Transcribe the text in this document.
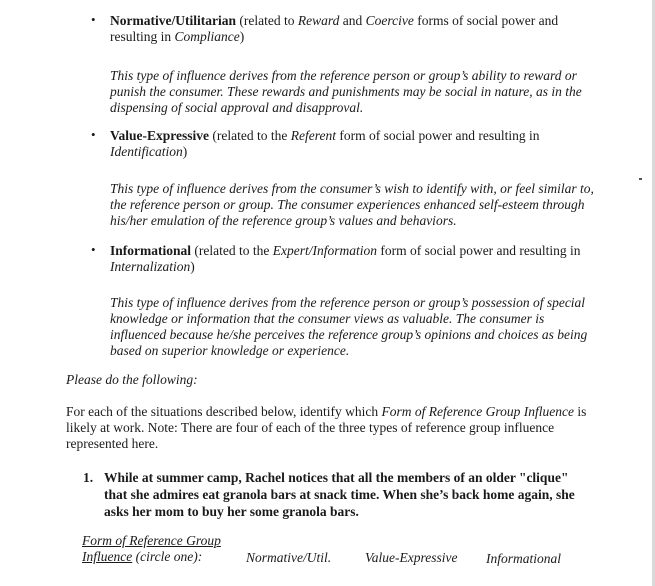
• Normative/Utilitarian (related to Reward and Coercive forms of social power and
resulting in Compliance)
This type of influence derives from the reference person or group’s ability to reward or
punish the consumer. These rewards and punishments may be social in nature, as in the
dispensing of social approval and disapproval.
• Value-Expressive (related to the Referent form of social power and resulting in
Identification)
This type of influence derives from the consumer’s wish to identify with, or feel similar to,
the reference person or group. The consumer experiences enhanced self-esteem through
his/her emulation of the reference group’s values and behaviors.
• Informational (related to the Expert/Information form of social power and resulting in
Internalization)
This type of influence derives from the reference person or group’s possession of special
knowledge or information that the consumer views as valuable. The consumer is
influenced because he/she perceives the reference group’s opinions and choices as being
based on superior knowledge or experience.
Please do the following:
For each of the situations described below, identify which Form of Reference Group Influence is
likely at work. Note: There are four of each of the three types of reference group influence
represented here.
1. While at summer camp, Rachel notices that all the members of an older "clique"
that she admires eat granola bars at snack time. When she’s back home again, she
asks her mom to buy her some granola bars.
Form of Reference Group
Influence (circle one):	Normative/Util.	Value-Expressive Informational
